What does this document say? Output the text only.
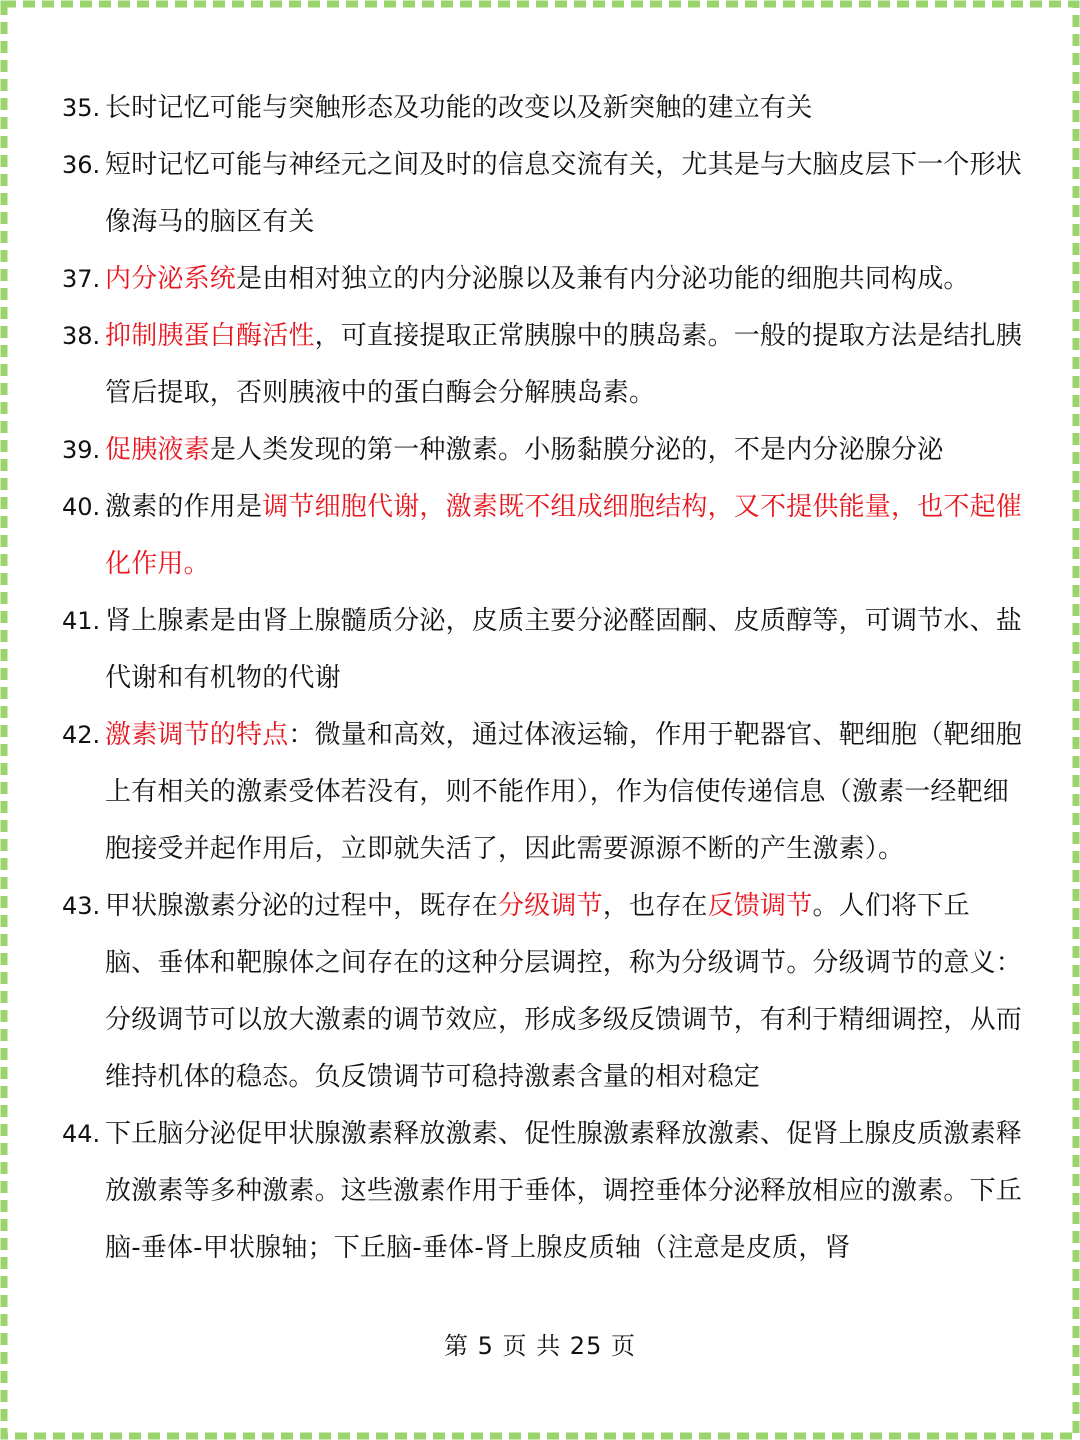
35. 长时记忆可能与突触形态及功能的改变以及新突触的建立有关
36. 短时记忆可能与神经元之间及时的信息交流有关，尤其是与大脑皮层下一个形状像海马的脑区有关
37. 内分泌系统是由相对独立的内分泌腺以及兼有内分泌功能的细胞共同构成。
38. 抑制胰蛋白酶活性，可直接提取正常胰腺中的胰岛素。一般的提取方法是结扎胰管后提取，否则胰液中的蛋白酶会分解胰岛素。
39. 促胰液素是人类发现的第一种激素。小肠黏膜分泌的，不是内分泌腺分泌
40. 激素的作用是调节细胞代谢，激素既不组成细胞结构，又不提供能量，也不起催化作用。
41. 肾上腺素是由肾上腺髓质分泌，皮质主要分泌醛固酮、皮质醇等，可调节水、盐代谢和有机物的代谢
42. 激素调节的特点：微量和高效，通过体液运输，作用于靶器官、靶细胞（靶细胞上有相关的激素受体若没有，则不能作用），作为信使传递信息（激素一经靶细胞接受并起作用后，立即就失活了，因此需要源源不断的产生激素）。
43. 甲状腺激素分泌的过程中，既存在分级调节，也存在反馈调节。人们将下丘脑、垂体和靶腺体之间存在的这种分层调控，称为分级调节。分级调节的意义：分级调节可以放大激素的调节效应，形成多级反馈调节，有利于精细调控，从而维持机体的稳态。负反馈调节可稳持激素含量的相对稳定
44. 下丘脑分泌促甲状腺激素释放激素、促性腺激素释放激素、促肾上腺皮质激素释放激素等多种激素。这些激素作用于垂体，调控垂体分泌释放相应的激素。下丘脑-垂体-甲状腺轴；下丘脑-垂体-肾上腺皮质轴（注意是皮质，肾
第 5 页 共 25 页
